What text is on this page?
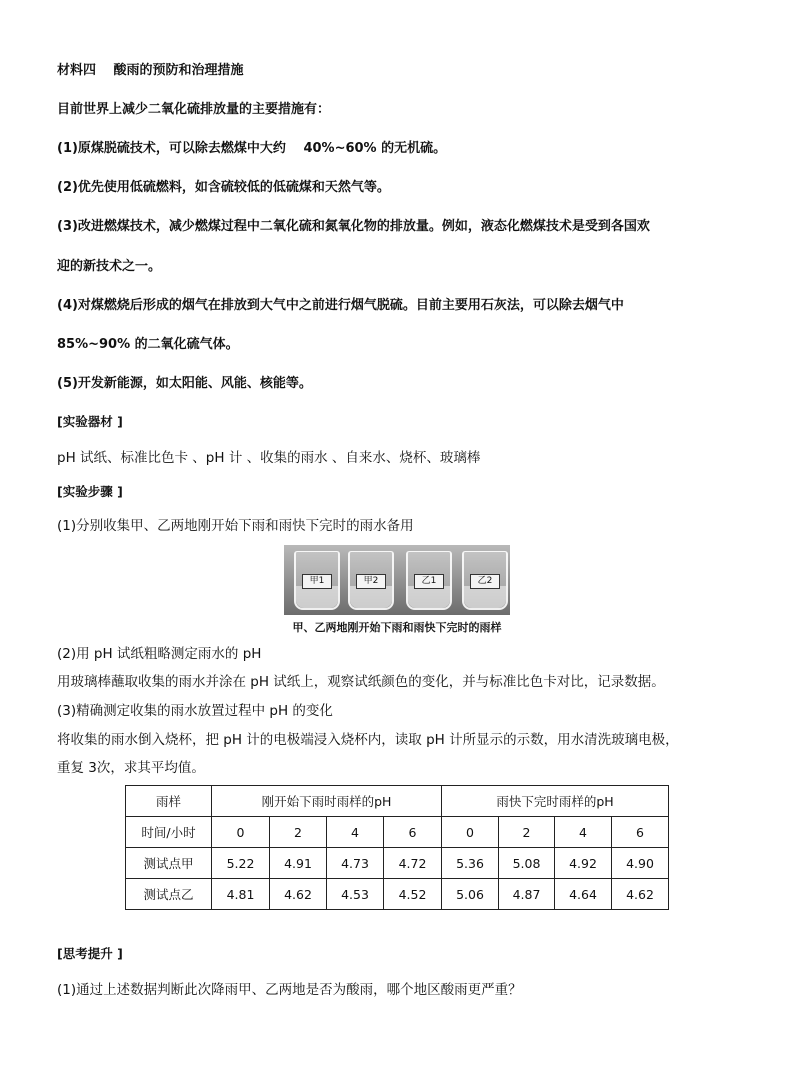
材料四　 酸雨的预防和治理措施
目前世界上减少二氧化硫排放量的主要措施有：
(1)原煤脱硫技术，可以除去燃煤中大约　 40%~60% 的无机硫。
(2)优先使用低硫燃料，如含硫较低的低硫煤和天然气等。
(3)改进燃煤技术，减少燃煤过程中二氧化硫和氮氧化物的排放量。例如，液态化燃煤技术是受到各国欢
迎的新技术之一。
(4)对煤燃烧后形成的烟气在排放到大气中之前进行烟气脱硫。目前主要用石灰法，可以除去烟气中
85%~90% 的二氧化硫气体。
(5)开发新能源，如太阳能、风能、核能等。
[实验器材 ]
pH 试纸、标准比色卡 、pH 计 、收集的雨水 、自来水、烧杯、玻璃棒
[实验步骤 ]
(1)分别收集甲、乙两地刚开始下雨和雨快下完时的雨水备用
甲1	甲2	乙1	乙2
甲、乙两地刚开始下雨和雨快下完时的雨样
(2)用 pH 试纸粗略测定雨水的 pH
用玻璃棒蘸取收集的雨水并涂在 pH 试纸上，观察试纸颜色的变化，并与标准比色卡对比，记录数据。
(3)精确测定收集的雨水放置过程中 pH 的变化
将收集的雨水倒入烧杯，把 pH 计的电极端浸入烧杯内，读取 pH 计所显示的示数，用水清洗玻璃电极，
重复 3次，求其平均值。
雨样	刚开始下雨时雨样的pH				雨快下完时雨样的pH			
时间/小时	0	2	4	6	0	2	4	6
测试点甲	5.22	4.91	4.73	4.72	5.36	5.08	4.92	4.90
测试点乙	4.81	4.62	4.53	4.52	5.06	4.87	4.64	4.62
[思考提升 ]
(1)通过上述数据判断此次降雨甲、乙两地是否为酸雨，哪个地区酸雨更严重？
